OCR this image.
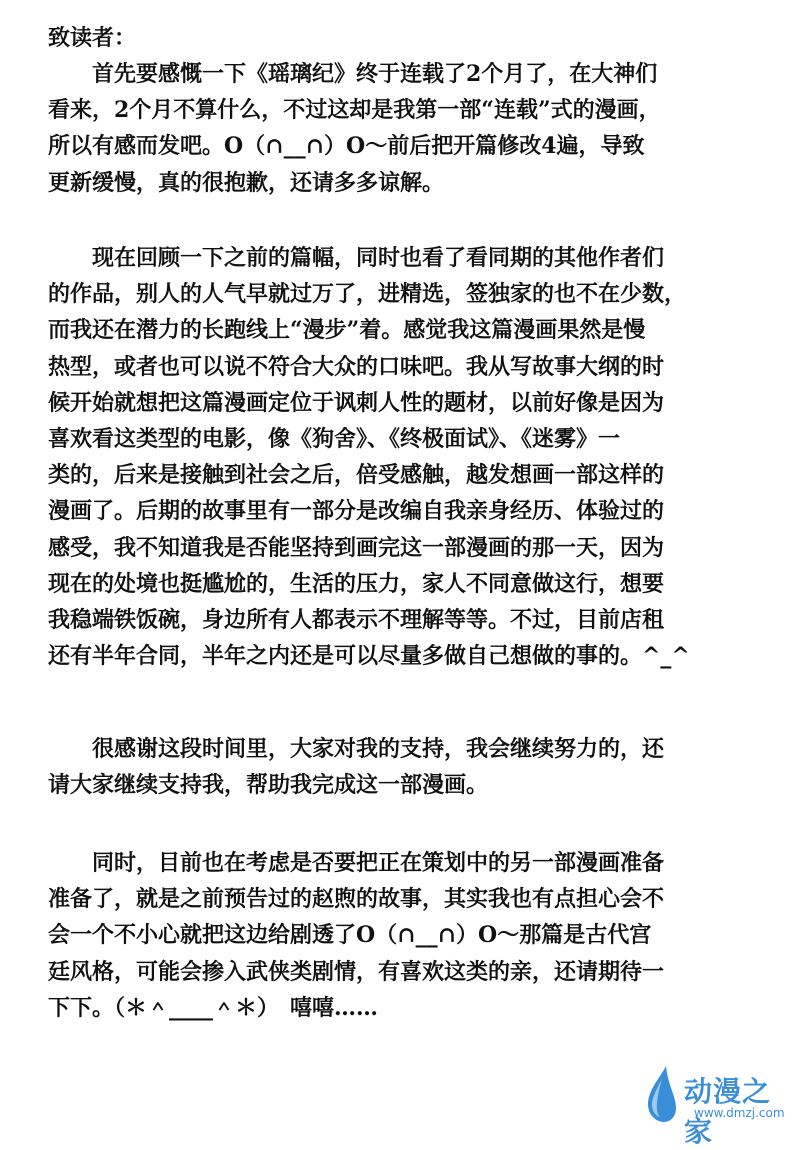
致读者：

　　首先要感慨一下《瑶璃纪》终于连载了2个月了，在大神们
看来，2个月不算什么，不过这却是我第一部“连载”式的漫画，
所以有感而发吧。O（∩__∩）O～前后把开篇修改4遍，导致
更新缓慢，真的很抱歉，还请多多谅解。

　　现在回顾一下之前的篇幅，同时也看了看同期的其他作者们
的作品，别人的人气早就过万了，进精选，签独家的也不在少数，
而我还在潜力的长跑线上“漫步”着。感觉我这篇漫画果然是慢
热型，或者也可以说不符合大众的口味吧。我从写故事大纲的时
候开始就想把这篇漫画定位于讽刺人性的题材，以前好像是因为
喜欢看这类型的电影，像《狗舍》、《终极面试》、《迷雾》一
类的，后来是接触到社会之后，倍受感触，越发想画一部这样的
漫画了。后期的故事里有一部分是改编自我亲身经历、体验过的
感受，我不知道我是否能坚持到画完这一部漫画的那一天，因为
现在的处境也挺尴尬的，生活的压力，家人不同意做这行，想要
我稳端铁饭碗，身边所有人都表示不理解等等。不过，目前店租
还有半年合同，半年之内还是可以尽量多做自己想做的事的。^_^

　　很感谢这段时间里，大家对我的支持，我会继续努力的，还
请大家继续支持我，帮助我完成这一部漫画。

　　同时，目前也在考虑是否要把正在策划中的另一部漫画准备
准备了，就是之前预告过的赵煦的故事，其实我也有点担心会不
会一个不小心就把这边给剧透了O（∩__∩）O～那篇是古代宫
廷风格，可能会掺入武侠类剧情，有喜欢这类的亲，还请期待一
下下。（＊＾____＾＊）　嘻嘻……

动漫之家
www.dmzj.com
